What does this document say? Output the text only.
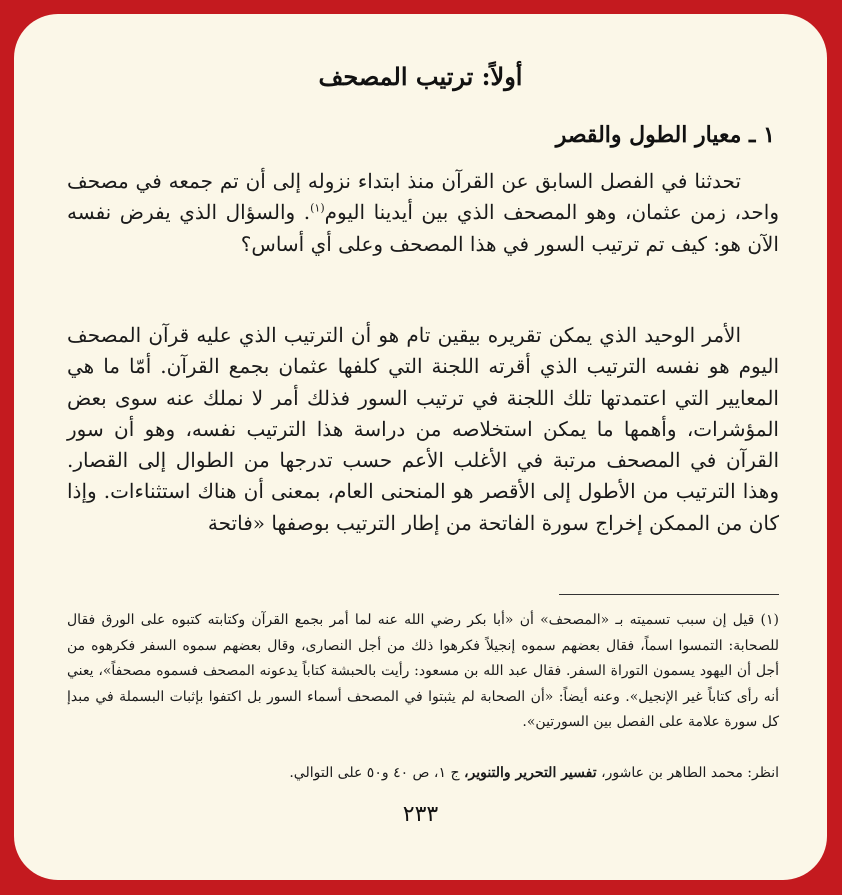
أولاً: ترتيب المصحف
١ ـ معيار الطول والقصر
تحدثنا في الفصل السابق عن القرآن منذ ابتداء نزوله إلى أن تم جمعه في مصحف واحد، زمن عثمان، وهو المصحف الذي بين أيدينا اليوم$^{(١)}$. والسؤال الذي يفرض نفسه الآن هو: كيف تم ترتيب السور في هذا المصحف وعلى أي أساس؟
الأمر الوحيد الذي يمكن تقريره بيقين تام هو أن الترتيب الذي عليه قرآن المصحف اليوم هو نفسه الترتيب الذي أقرته اللجنة التي كلفها عثمان بجمع القرآن. أمّا ما هي المعايير التي اعتمدتها تلك اللجنة في ترتيب السور فذلك أمر لا نملك عنه سوى بعض المؤشرات، وأهمها ما يمكن استخلاصه من دراسة هذا الترتيب نفسه، وهو أن سور القرآن في المصحف مرتبة في الأغلب الأعم حسب تدرجها من الطوال إلى القصار. وهذا الترتيب من الأطول إلى الأقصر هو المنحنى العام، بمعنى أن هناك استثناءات. وإذا كان من الممكن إخراج سورة الفاتحة من إطار الترتيب بوصفها «فاتحة
(١) قيل إن سبب تسميته بـ «المصحف» أن «أبا بكر رضي الله عنه لما أمر بجمع القرآن وكتابته كتبوه على الورق فقال للصحابة: التمسوا اسماً، فقال بعضهم سموه إنجيلاً فكرهوا ذلك من أجل النصارى، وقال بعضهم سموه السفر فكرهوه من أجل أن اليهود يسمون التوراة السفر. فقال عبد الله بن مسعود: رأيت بالحبشة كتاباً يدعونه المصحف فسموه مصحفاً»، يعني أنه رأى كتاباً غير الإنجيل». وعنه أيضاً: «أن الصحابة لم يثبتوا في المصحف أسماء السور بل اكتفوا بإثبات البسملة في مبدإ كل سورة علامة على الفصل بين السورتين».
انظر: محمد الطاهر بن عاشور، تفسير التحرير والتنوير، ج ١، ص ٤٠ و٥٠ على التوالي.
٢٣٣
